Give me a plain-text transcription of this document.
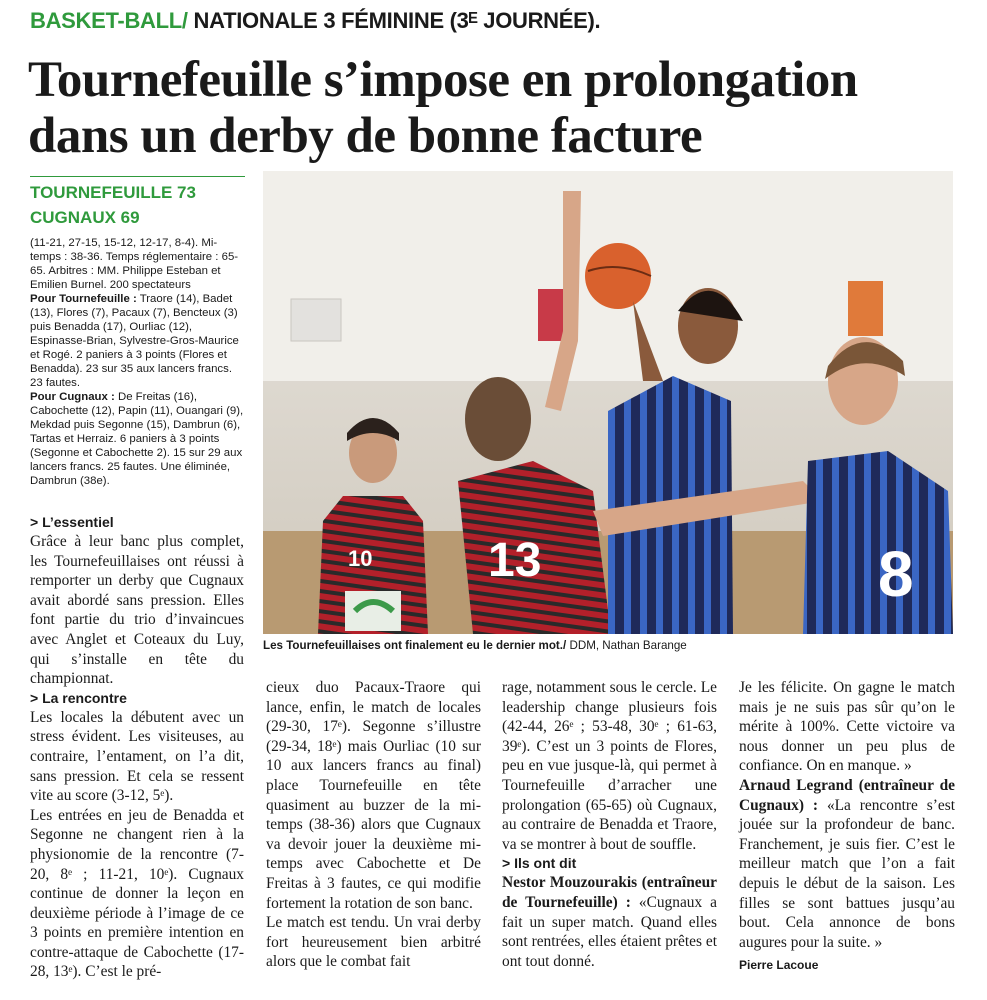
BASKET-BALL/ NATIONALE 3 FÉMININE (3ᴱ JOURNÉE).
Tournefeuille s’impose en prolongation dans un derby de bonne facture
TOURNEFEUILLE 73
CUGNAUX 69
(11-21, 27-15, 15-12, 12-17, 8-4). Mi-temps : 38-36. Temps réglementaire : 65-65. Arbitres : MM. Philippe Esteban et Emilien Burnel. 200 spectateurs
Pour Tournefeuille : Traore (14), Badet (13), Flores (7), Pacaux (7), Bencteux (3) puis Benadda (17), Ourliac (12), Espinasse-Brian, Sylvestre-Gros-Maurice et Rogé. 2 paniers à 3 points (Flores et Benadda). 23 sur 35 aux lancers francs. 23 fautes.
Pour Cugnaux : De Freitas (16), Cabochette (12), Papin (11), Ouangari (9), Mekdad puis Segonne (15), Dambrun (6), Tartas et Herraiz. 6 paniers à 3 points (Segonne et Cabochette 2). 15 sur 29 aux lancers francs. 25 fautes. Une éliminée, Dambrun (38e).
10 13	8
Les Tournefeuillaises ont finalement eu le dernier mot./ DDM, Nathan Barange

> L’essentiel

Grâce à leur banc plus complet, les Tournefeuillaises ont réussi à remporter un derby que Cugnaux avait abordé sans pression. Elles font partie du trio d’invaincues avec Anglet et Coteaux du Luy, qui s’installe en tête du championnat.

> La rencontre

Les locales la débutent avec un stress évident. Les visiteuses, au contraire, l’entament, on l’a dit, sans pression. Et cela se ressent vite au score (3-12, 5ᵉ).

Les entrées en jeu de Benadda et Segonne ne changent rien à la physionomie de la rencontre (7-20, 8ᵉ ; 11-21, 10ᵉ). Cugnaux continue de donner la leçon en deuxième période à l’image de ce 3 points en première intention en contre-attaque de Cabochette (17-28, 13ᵉ). C’est le pré-

cieux duo Pacaux-Traore qui lance, enfin, le match de locales (29-30, 17ᵉ). Segonne s’illustre (29-34, 18ᵉ) mais Ourliac (10 sur 10 aux lancers francs au final) place Tournefeuille en tête quasiment au buzzer de la mi-temps (38-36) alors que Cugnaux va devoir jouer la deuxième mi-temps avec Cabochette et De Freitas à 3 fautes, ce qui modifie fortement la rotation de son banc.

Le match est tendu. Un vrai derby fort heureusement bien arbitré alors que le combat fait

rage, notamment sous le cercle. Le leadership change plusieurs fois (42-44, 26ᵉ ; 53-48, 30ᵉ ; 61-63, 39ᵉ). C’est un 3 points de Flores, peu en vue jusque-là, qui permet à Tournefeuille d’arracher une prolongation (65-65) où Cugnaux, au contraire de Benadda et Traore, va se montrer à bout de souffle.

> Ils ont dit

Nestor Mouzourakis (entraîneur de Tournefeuille) : «Cugnaux a fait un super match. Quand elles sont rentrées, elles étaient prêtes et ont tout donné.

Je les félicite. On gagne le match mais je ne suis pas sûr qu’on le mérite à 100%. Cette victoire va nous donner un peu plus de confiance. On en manque. »

Arnaud Legrand (entraîneur de Cugnaux) : «La rencontre s’est jouée sur la profondeur de banc. Franchement, je suis fier. C’est le meilleur match que l’on a fait depuis le début de la saison. Les filles se sont battues jusqu’au bout. Cela annonce de bons augures pour la suite. »

Pierre Lacoue
